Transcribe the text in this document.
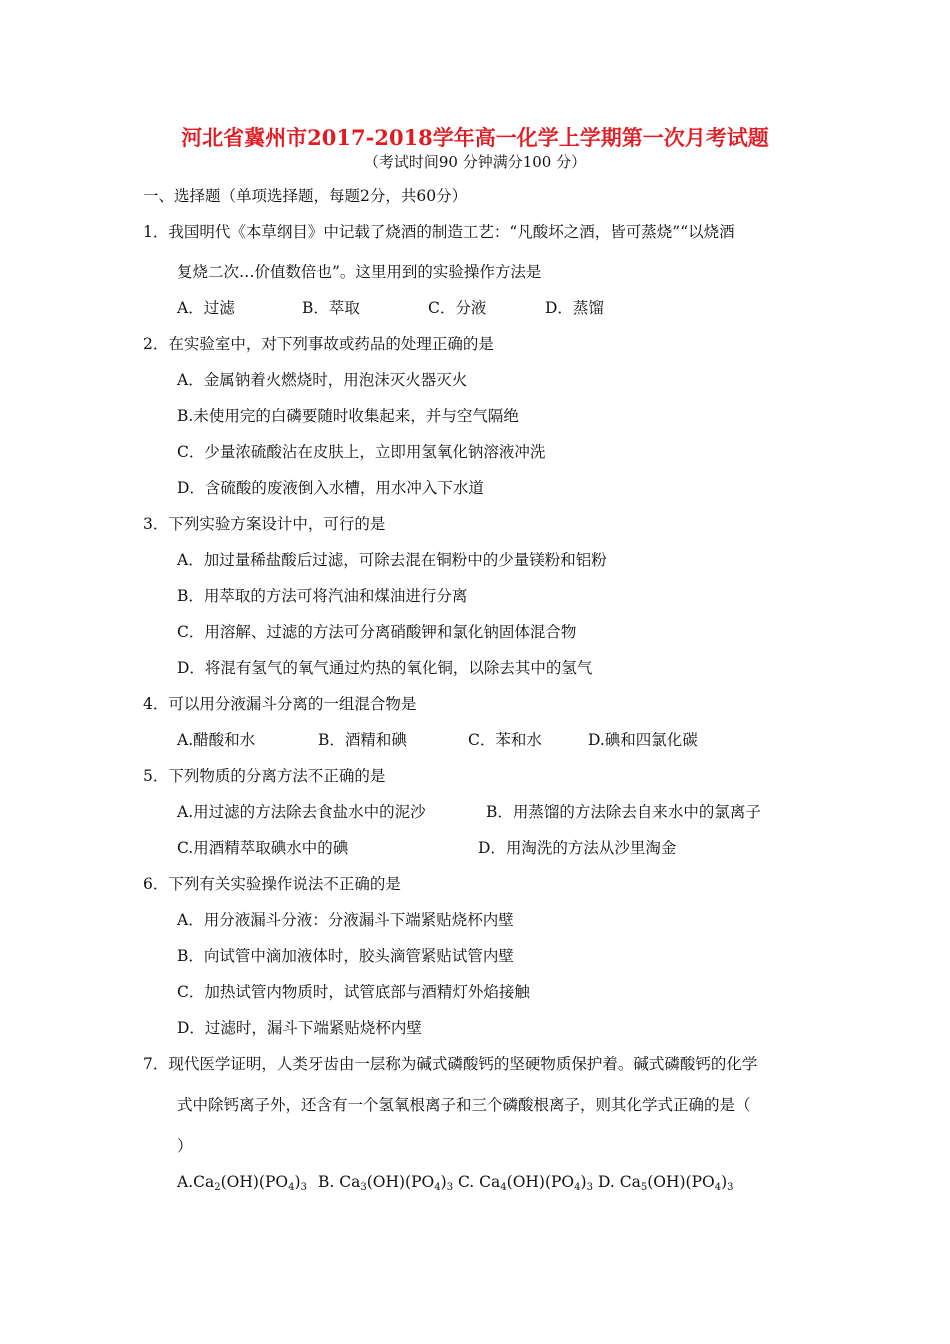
河北省冀州市2017-2018学年高一化学上学期第一次月考试题
（考试时间90 分钟满分100 分）
一、选择题（单项选择题，每题2分，共60分）
1．我国明代《本草纲目》中记载了烧酒的制造工艺：“凡酸坏之酒，皆可蒸烧”“以烧酒
复烧二次…价值数倍也”。这里用到的实验操作方法是
A．过滤	B．萃取	C．分液	D．蒸馏
2．在实验室中，对下列事故或药品的处理正确的是
A．金属钠着火燃烧时，用泡沫灭火器灭火
B.未使用完的白磷要随时收集起来，并与空气隔绝
C．少量浓硫酸沾在皮肤上，立即用氢氧化钠溶液冲洗
D．含硫酸的废液倒入水槽，用水冲入下水道
3．下列实验方案设计中，可行的是
A．加过量稀盐酸后过滤，可除去混在铜粉中的少量镁粉和铝粉
B．用萃取的方法可将汽油和煤油进行分离
C．用溶解、过滤的方法可分离硝酸钾和氯化钠固体混合物
D．将混有氢气的氧气通过灼热的氧化铜，以除去其中的氢气
4．可以用分液漏斗分离的一组混合物是
A.醋酸和水	B．酒精和碘	C．苯和水	D.碘和四氯化碳
5．下列物质的分离方法不正确的是
A.用过滤的方法除去食盐水中的泥沙	B．用蒸馏的方法除去自来水中的氯离子
C.用酒精萃取碘水中的碘	D．用淘洗的方法从沙里淘金
6．下列有关实验操作说法不正确的是
A．用分液漏斗分液：分液漏斗下端紧贴烧杯内壁
B．向试管中滴加液体时，胶头滴管紧贴试管内壁
C．加热试管内物质时，试管底部与酒精灯外焰接触
D．过滤时，漏斗下端紧贴烧杯内壁
7．现代医学证明，人类牙齿由一层称为碱式磷酸钙的坚硬物质保护着。碱式磷酸钙的化学
式中除钙离子外，还含有一个氢氧根离子和三个磷酸根离子，则其化学式正确的是（
）
$A.Ca_2(OH)(PO_4)_3$ B. $Ca_3(OH)(PO_4)_3$ C. $Ca_4(OH)(PO_4)_3$ D. $Ca_5(OH)(PO_4)_3$
